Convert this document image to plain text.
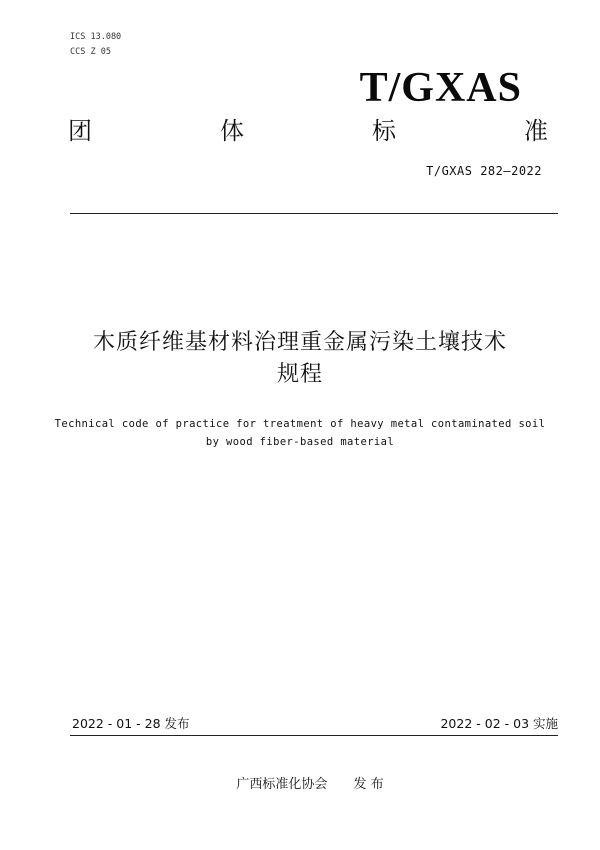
ICS 13.080
CCS Z 05
T/GXAS
团	体	标	准
T/GXAS 282—2022
木质纤维基材料治理重金属污染土壤技术
规程
Technical code of practice for treatment of heavy metal contaminated soil
by wood fiber-based material
2022 - 01 - 28 发布	2022 - 02 - 03 实施
广西标准化协会 发 布
